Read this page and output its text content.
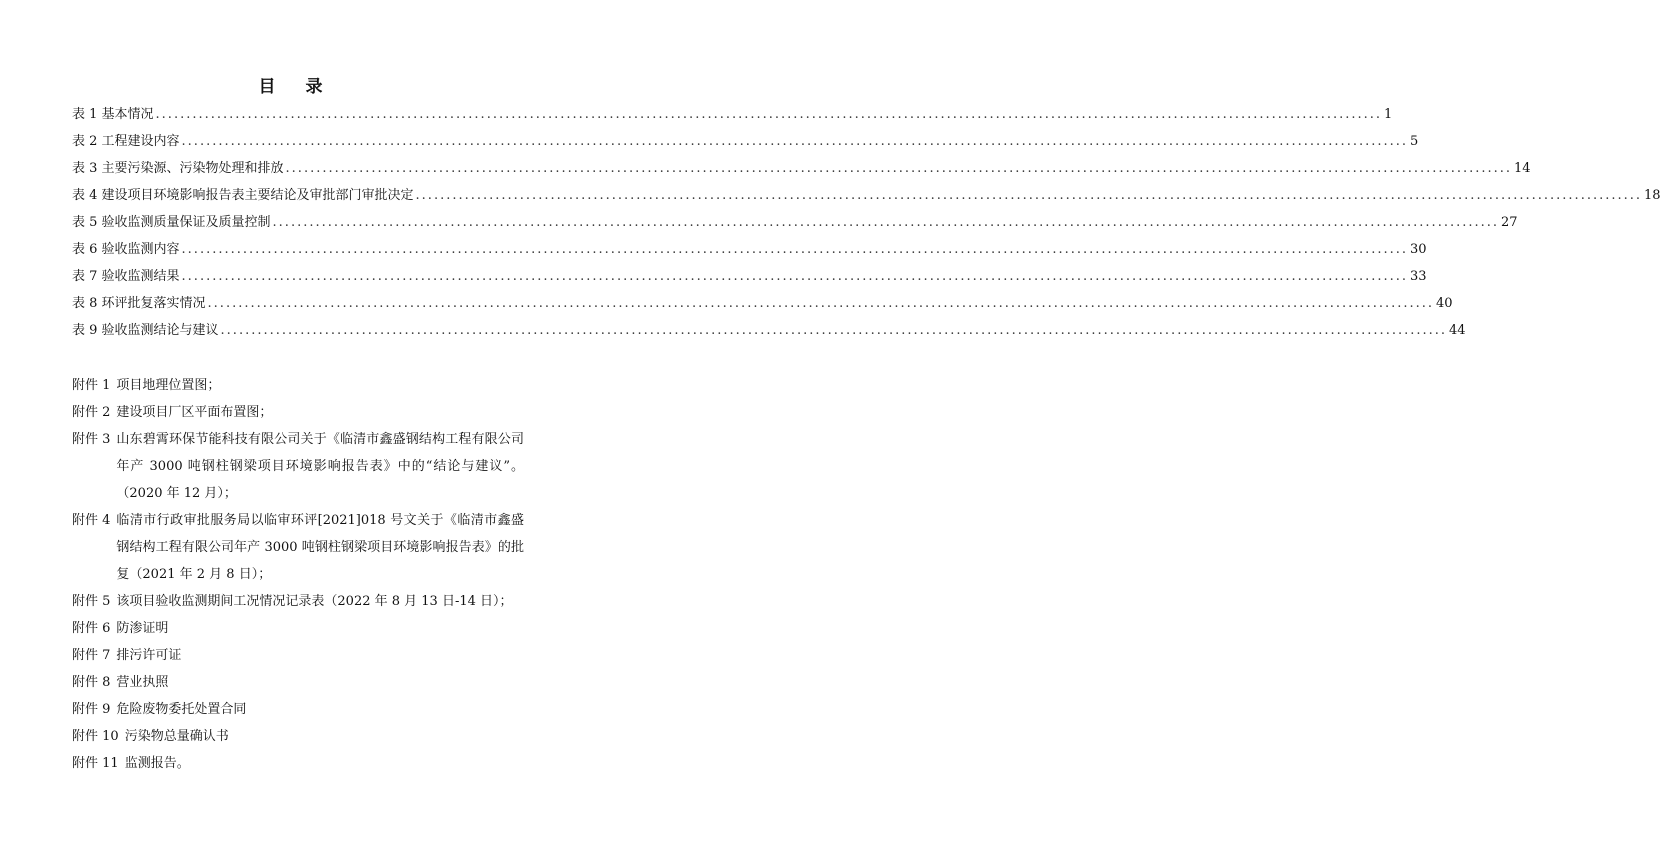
目 录
表 1 基本情况 ........................................................................................................................................................................................................ 1
表 2 工程建设内容 ........................................................................................................................................................................................................ 5
表 3 主要污染源、污染物处理和排放 ........................................................................................................................................................................................................ 14
表 4 建设项目环境影响报告表主要结论及审批部门审批决定 ........................................................................................................................................................................................................ 18
表 5 验收监测质量保证及质量控制 ........................................................................................................................................................................................................ 27
表 6 验收监测内容 ........................................................................................................................................................................................................ 30
表 7 验收监测结果 ........................................................................................................................................................................................................ 33
表 8 环评批复落实情况 ........................................................................................................................................................................................................ 40
表 9 验收监测结论与建议 ........................................................................................................................................................................................................ 44
附件 1 项目地理位置图；
附件 2 建设项目厂区平面布置图；
附件 3 山东碧霄环保节能科技有限公司关于《临清市鑫盛钢结构工程有限公司年产 3000 吨钢柱钢梁项目环境影响报告表》中的“结论与建议”。（2020 年 12 月）；
附件 4 临清市行政审批服务局以临审环评[2021]018 号文关于《临清市鑫盛钢结构工程有限公司年产 3000 吨钢柱钢梁项目环境影响报告表》的批复（2021 年 2 月 8 日）；
附件 5 该项目验收监测期间工况情况记录表（2022 年 8 月 13 日-14 日）；
附件 6 防渗证明
附件 7 排污许可证
附件 8 营业执照
附件 9 危险废物委托处置合同
附件 10 污染物总量确认书
附件 11 监测报告。
